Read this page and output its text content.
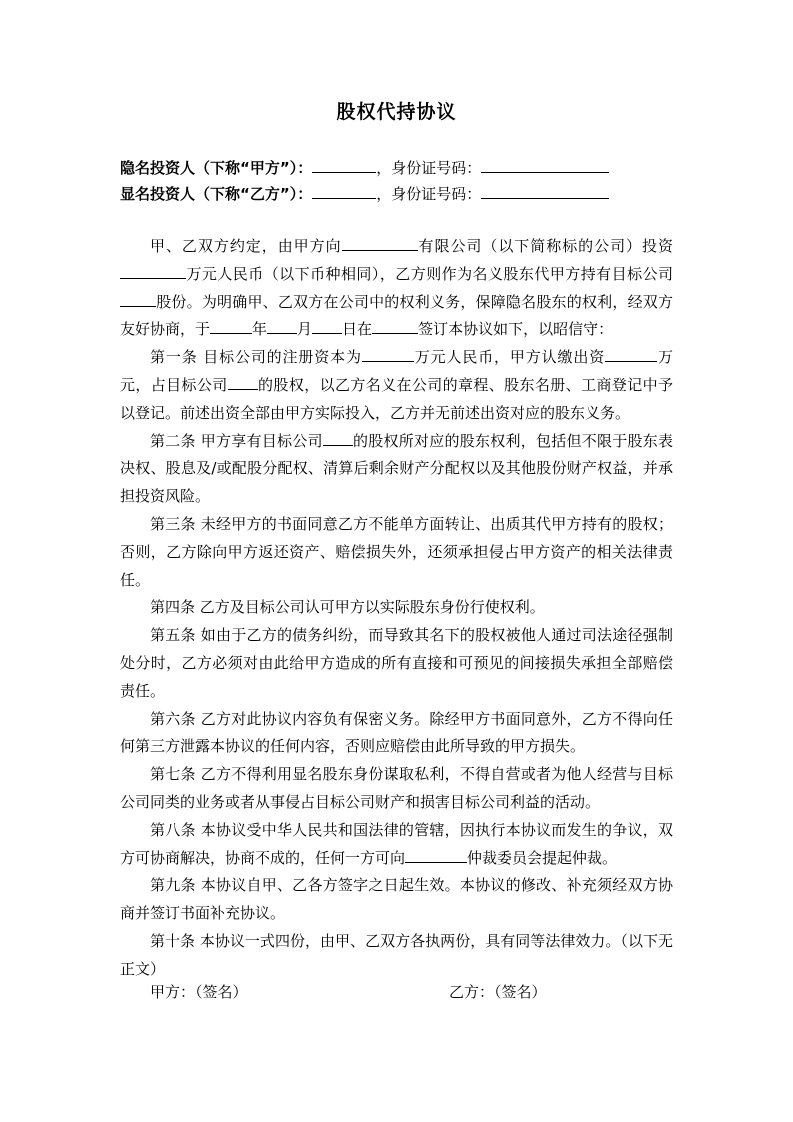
股权代持协议
隐名投资人（下称“甲方”）：	，身份证号码：
显名投资人（下称“乙方”）：	，身份证号码：

甲、乙双方约定，由甲方向	有限公司（以下简称标的公司）投资万元人民币（以下币种相同），乙方则作为名义股东代甲方持有目标公司股份。为明确甲、乙双方在公司中的权利义务，保障隐名股东的权利，经双方友好协商，于	年 月 日在	签订本协议如下，以昭信守：

第一条 目标公司的注册资本为	万元人民币，甲方认缴出资	万元，占目标公司 的股权，以乙方名义在公司的章程、股东名册、工商登记中予以登记。前述出资全部由甲方实际投入，乙方并无前述出资对应的股东义务。

第二条 甲方享有目标公司 的股权所对应的股东权利，包括但不限于股东表决权、股息及/或配股分配权、清算后剩余财产分配权以及其他股份财产权益，并承担投资风险。

第三条 未经甲方的书面同意乙方不能单方面转让、出质其代甲方持有的股权；否则，乙方除向甲方返还资产、赔偿损失外，还须承担侵占甲方资产的相关法律责任。

第四条 乙方及目标公司认可甲方以实际股东身份行使权利。

第五条 如由于乙方的债务纠纷，而导致其名下的股权被他人通过司法途径强制处分时，乙方必须对由此给甲方造成的所有直接和可预见的间接损失承担全部赔偿责任。

第六条 乙方对此协议内容负有保密义务。除经甲方书面同意外，乙方不得向任何第三方泄露本协议的任何内容，否则应赔偿由此所导致的甲方损失。

第七条 乙方不得利用显名股东身份谋取私利，不得自营或者为他人经营与目标公司同类的业务或者从事侵占目标公司财产和损害目标公司利益的活动。

第八条 本协议受中华人民共和国法律的管辖，因执行本协议而发生的争议，双方可协商解决，协商不成的，任何一方可向	仲裁委员会提起仲裁。

第九条 本协议自甲、乙各方签字之日起生效。本协议的修改、补充须经双方协商并签订书面补充协议。

第十条 本协议一式四份，由甲、乙双方各执两份，具有同等法律效力。（以下无正文）

甲方：（签名）	乙方：（签名）
